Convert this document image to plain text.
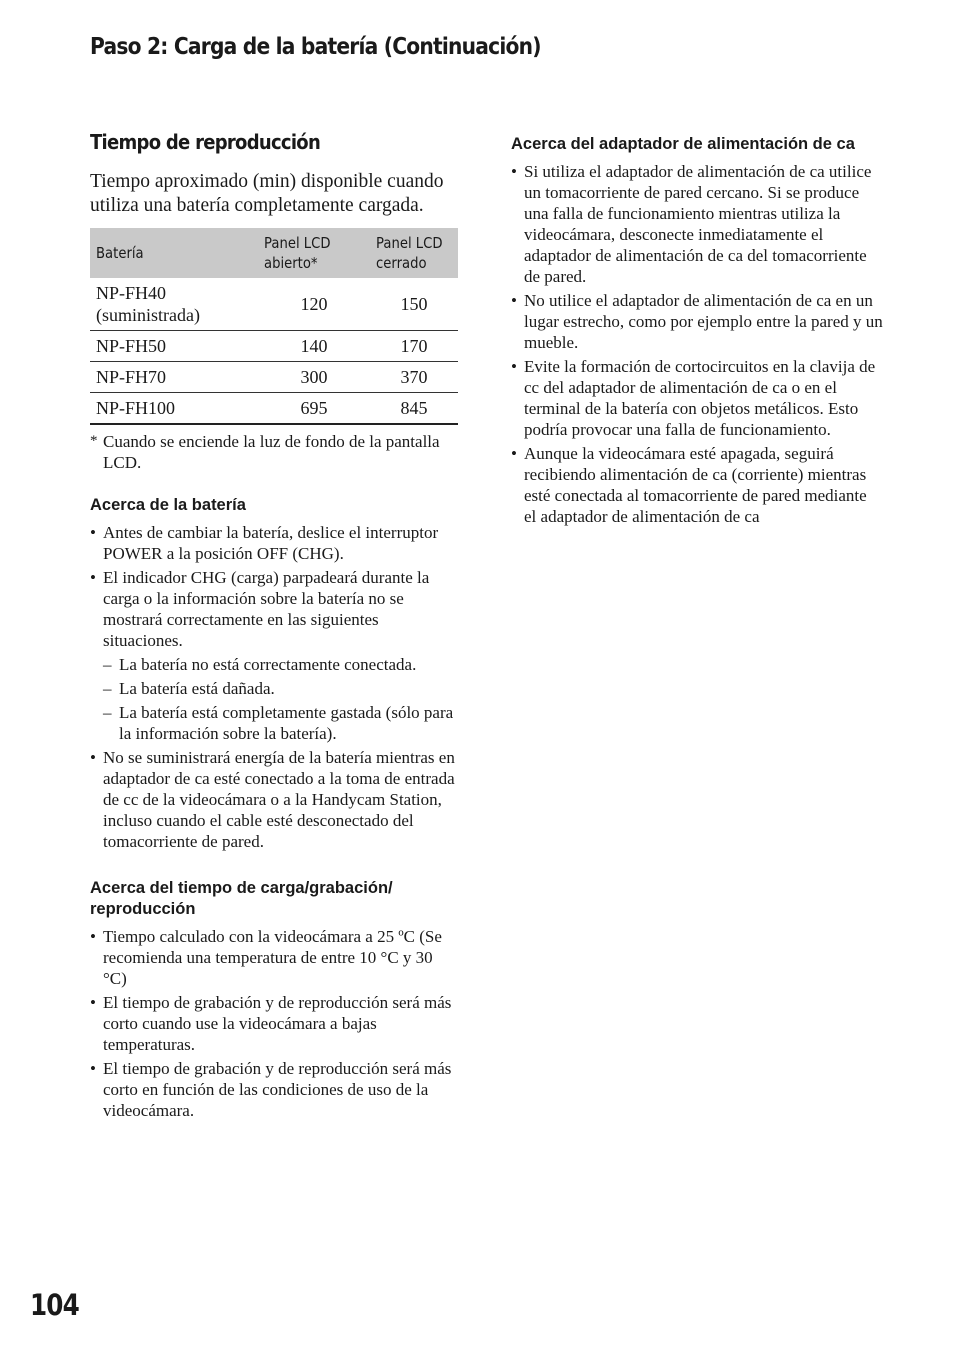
Paso 2: Carga de la batería (Continuación)
Tiempo de reproducción

Tiempo aproximado (min) disponible cuando utiliza una batería completamente cargada.

Batería	Panel LCD abierto*	Panel LCD cerrado
NP-FH40 (suministrada)	120	150
NP-FH50	140	170
NP-FH70	300	370
NP-FH100	695	845
* Cuando se enciende la luz de fondo de la pantalla LCD.
Acerca de la batería
• Antes de cambiar la batería, deslice el interruptor POWER a la posición OFF (CHG).
• El indicador CHG (carga) parpadeará durante la carga o la información sobre la batería no se mostrará correctamente en las siguientes situaciones.
– La batería no está correctamente conectada.
– La batería está dañada.
– La batería está completamente gastada (sólo para la información sobre la batería).
• No se suministrará energía de la batería mientras en adaptador de ca esté conectado a la toma de entrada de cc de la videocámara o a la Handycam Station, incluso cuando el cable esté desconectado del tomacorriente de pared.
Acerca del tiempo de carga/grabación/ reproducción
• Tiempo calculado con la videocámara a 25 ºC (Se recomienda una temperatura de entre 10 °C y 30 °C)
• El tiempo de grabación y de reproducción será más corto cuando use la videocámara a bajas temperaturas.
• El tiempo de grabación y de reproducción será más corto en función de las condiciones de uso de la videocámara.
Acerca del adaptador de alimentación de ca
• Si utiliza el adaptador de alimentación de ca utilice un tomacorriente de pared cercano. Si se produce una falla de funcionamiento mientras utiliza la videocámara, desconecte inmediatamente el adaptador de alimentación de ca del tomacorriente de pared.
• No utilice el adaptador de alimentación de ca en un lugar estrecho, como por ejemplo entre la pared y un mueble.
• Evite la formación de cortocircuitos en la clavija de cc del adaptador de alimentación de ca o en el terminal de la batería con objetos metálicos. Esto podría provocar una falla de funcionamiento.
• Aunque la videocámara esté apagada, seguirá recibiendo alimentación de ca (corriente) mientras esté conectada al tomacorriente de pared mediante el adaptador de alimentación de ca
104
